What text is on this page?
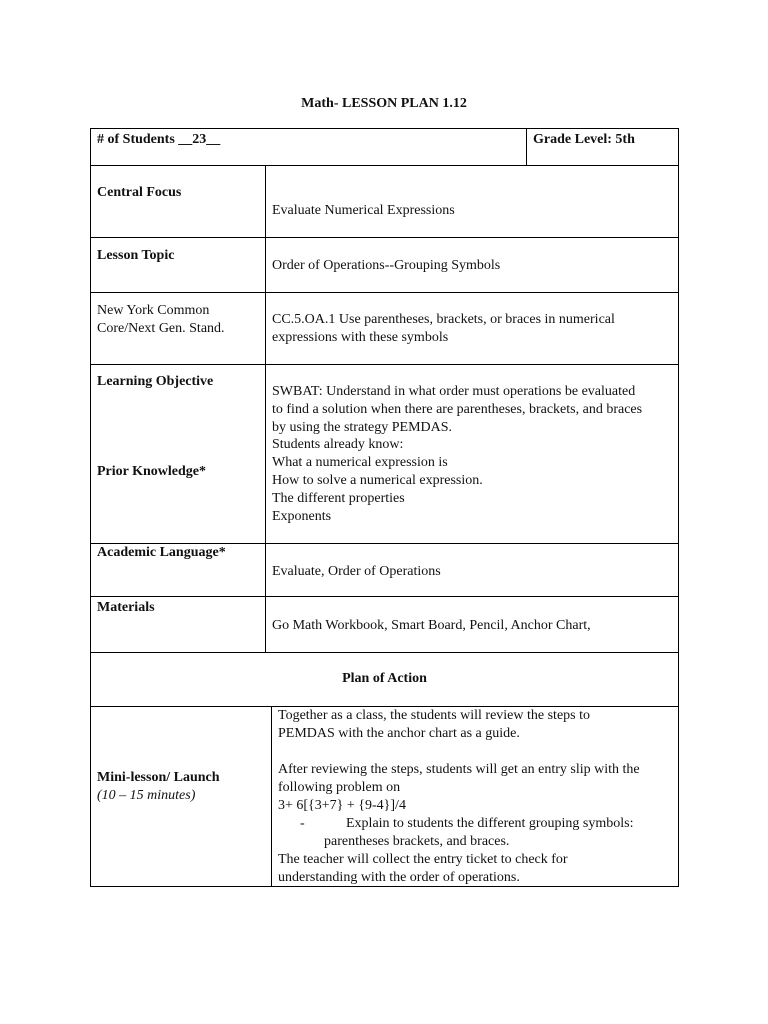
Math- LESSON PLAN 1.12
# of Students __23__	Grade Level: 5th
Central Focus
Evaluate Numerical Expressions
Lesson Topic
Order of Operations--Grouping Symbols
New York Common
Core/Next Gen. Stand.
CC.5.OA.1 Use parentheses, brackets, or braces in numerical
expressions with these symbols
Learning Objective
SWBAT: Understand in what order must operations be evaluated
to find a solution when there are parentheses, brackets, and braces
by using the strategy PEMDAS.
Prior Knowledge*
Students already know:
What a numerical expression is
How to solve a numerical expression.
The different properties
Exponents
Academic Language*
Evaluate, Order of Operations
Materials
Go Math Workbook, Smart Board, Pencil, Anchor Chart,
Plan of Action
Mini-lesson/ Launch
(10 – 15 minutes)
Together as a class, the students will review the steps to
PEMDAS with the anchor chart as a guide.
After reviewing the steps, students will get an entry slip with the
following problem on
3+ 6[{3+7} + {9-4}]/4
-	Explain to students the different grouping symbols:
parentheses brackets, and braces.
The teacher will collect the entry ticket to check for
understanding with the order of operations.
